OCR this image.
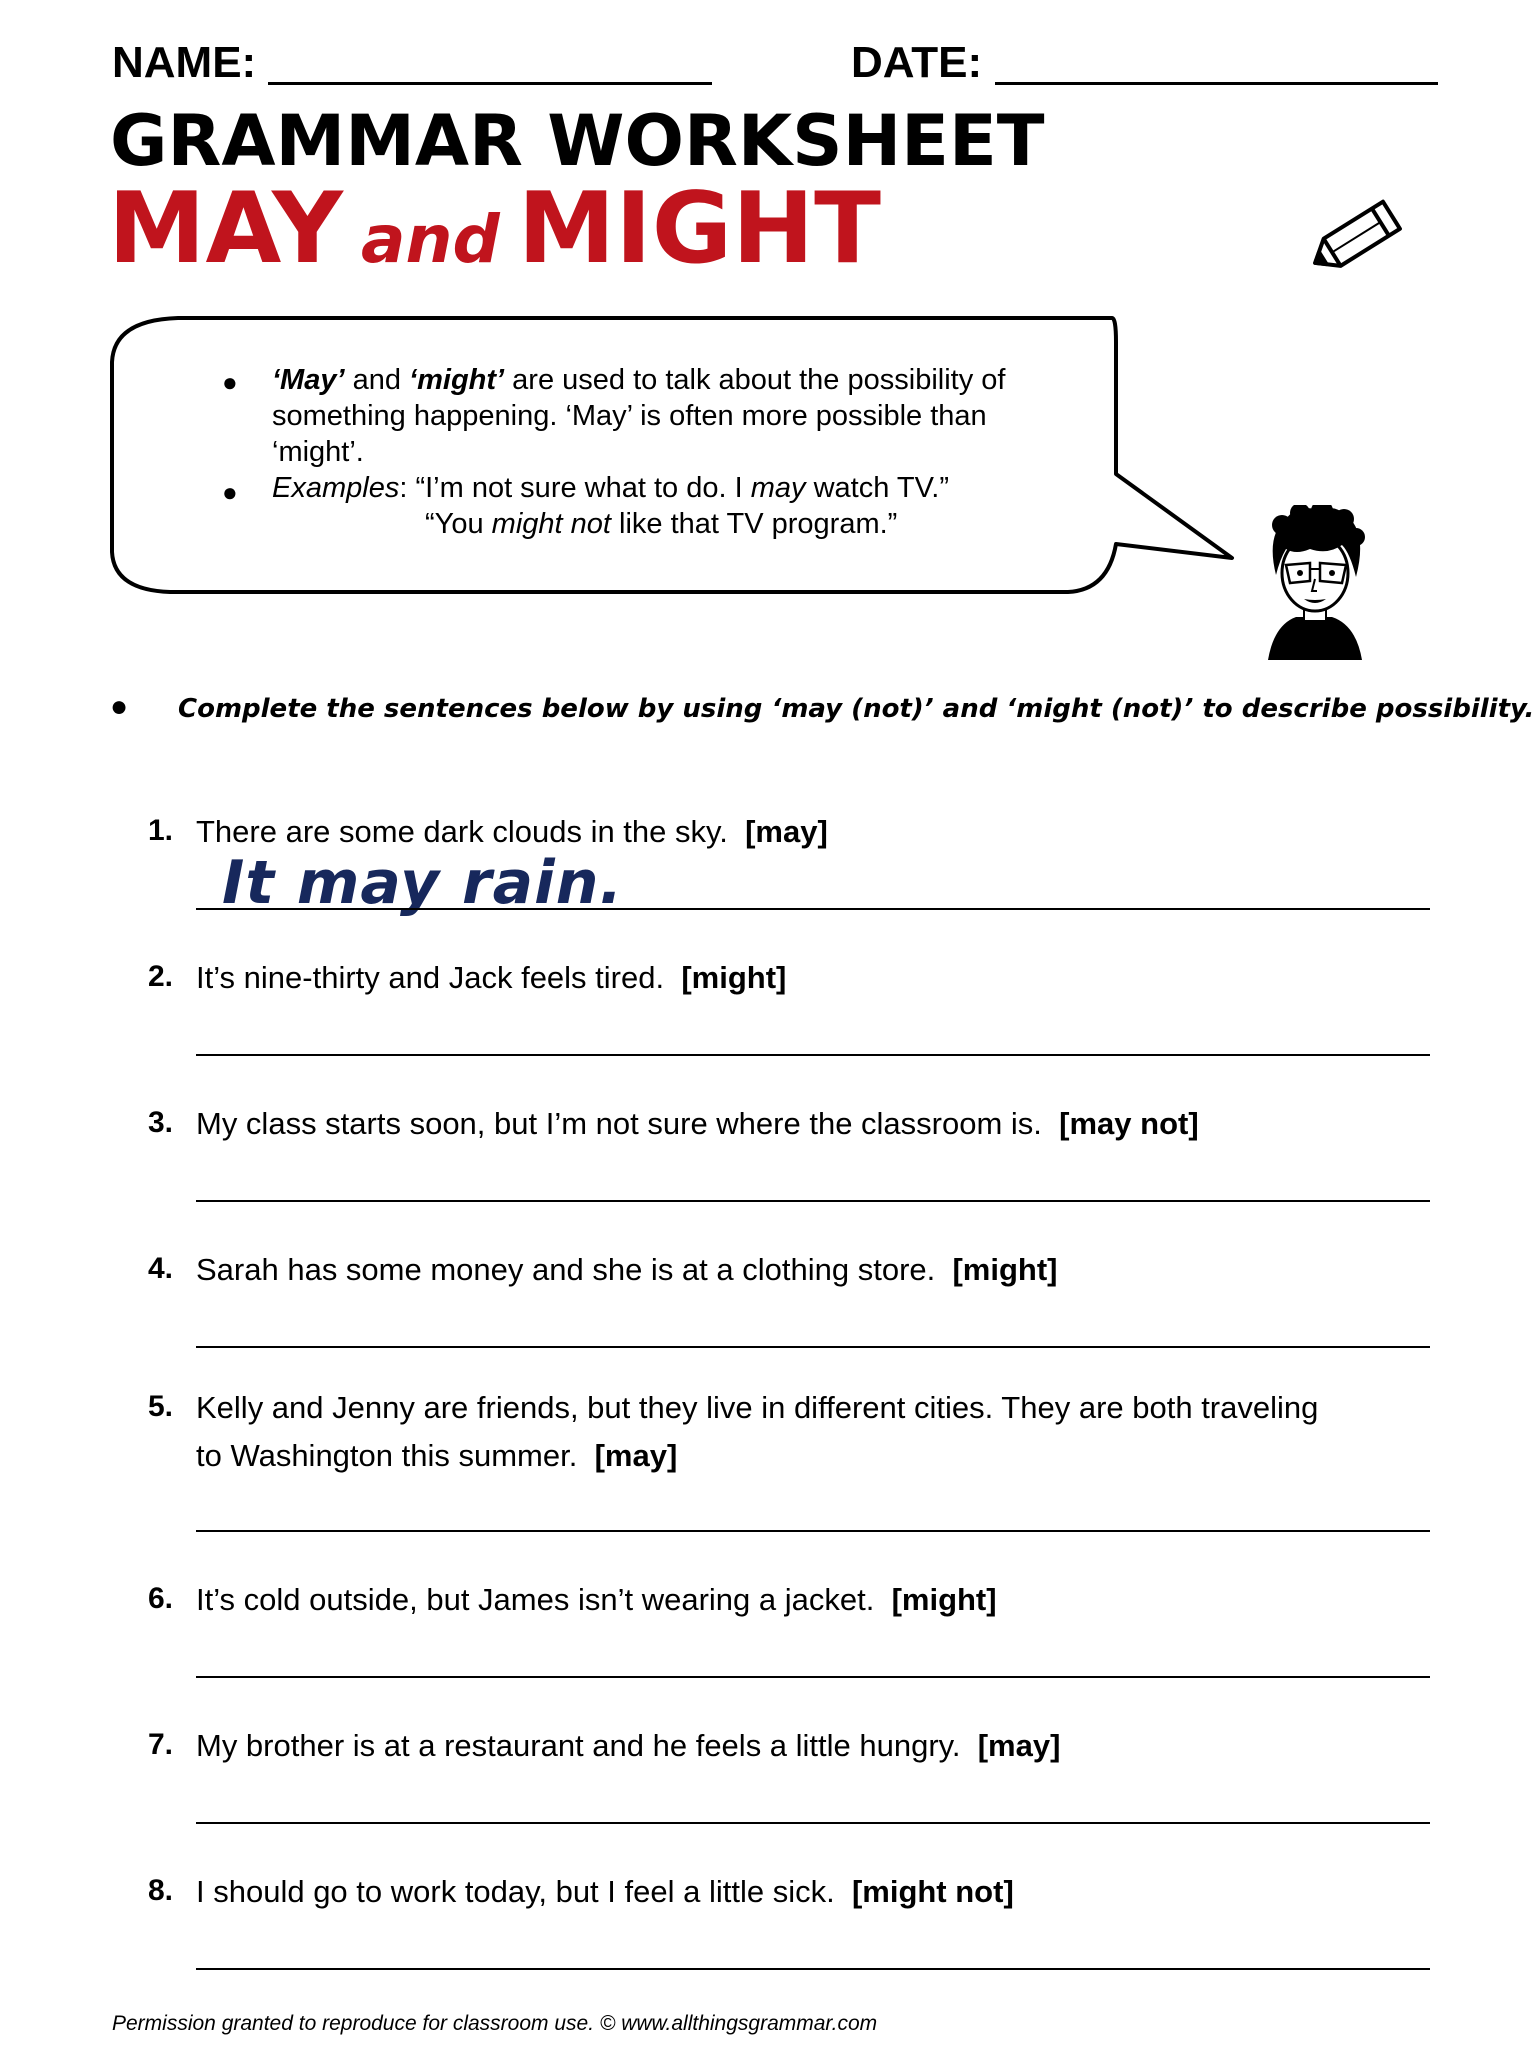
NAME:	DATE:
GRAMMAR WORKSHEET
MAY and MIGHT
● ‘May’ and ‘might’ are used to talk about the possibility of
something happening. ‘May’ is often more possible than
‘might’.
● Examples: “I’m not sure what to do. I may watch TV.”
“You might not like that TV program.”
● Complete the sentences below by using ‘may (not)’ and ‘might (not)’ to describe possibility.
1. There are some dark clouds in the sky. [may]
It may rain.
2. It’s nine-thirty and Jack feels tired. [might]
3. My class starts soon, but I’m not sure where the classroom is. [may not]
4. Sarah has some money and she is at a clothing store. [might]
5. Kelly and Jenny are friends, but they live in different cities. They are both traveling
to Washington this summer. [may]
6. It’s cold outside, but James isn’t wearing a jacket. [might]
7. My brother is at a restaurant and he feels a little hungry. [may]
8. I should go to work today, but I feel a little sick. [might not]
Permission granted to reproduce for classroom use. © www.allthingsgrammar.com
